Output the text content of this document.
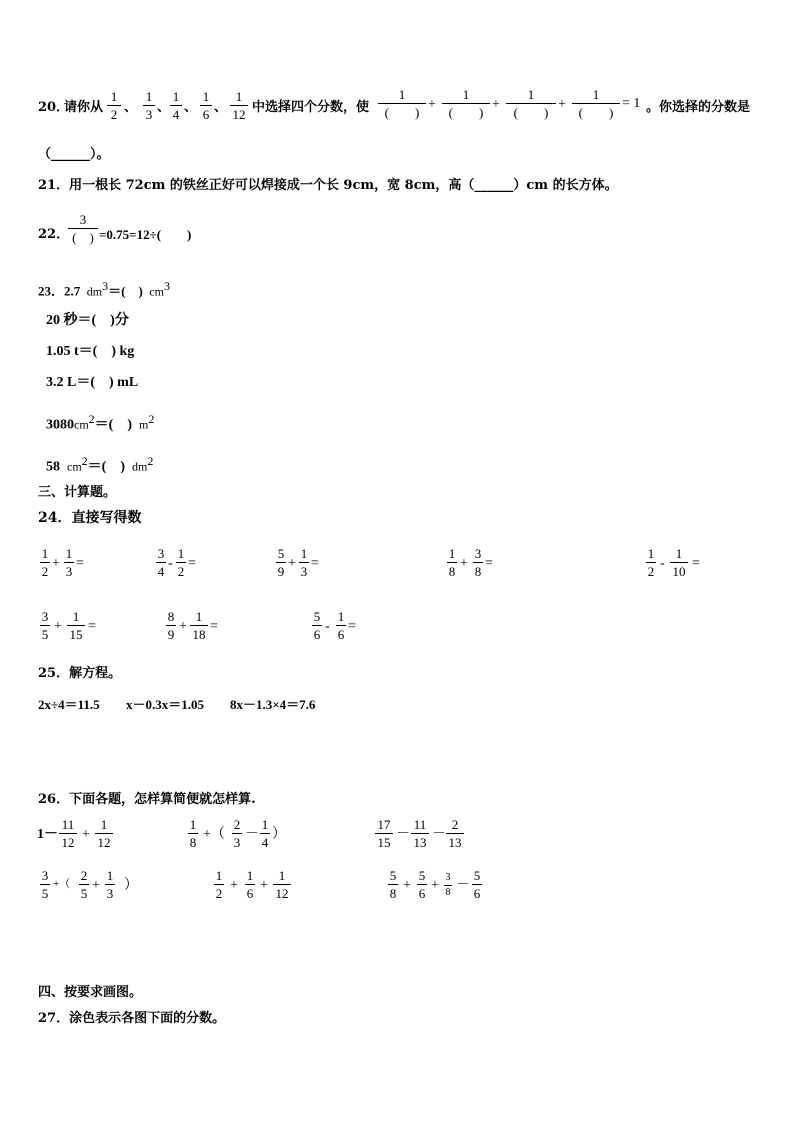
20．
请你从
1
2 、
1
3 、
1
4 、
1
6 、
1
12 中选择四个分数，使
1
(　　)
+
1
(　　)
+
1
(　　)
+
1
(　　)
= 1 。你选择的分数是
（______）。
21．用一根长 72cm 的铁丝正好可以焊接成一个长 9cm，宽 8cm，高（______）cm 的长方体。
22．
3
(　) =0.75=12÷(　　)
23．2.7 $dm^3=$(　) $cm^3$
20 秒＝(　)分
1.05 t＝(　) kg
3.2 L＝(　) mL
$3080cm^2=$(　) $m^2$
58 $cm^2=$(　) $dm^2$
三、计算题。
24．直接写得数
1
2
+
1
3
=
3
4
-
1
2
=
5
9
+
1
3
=
1
8
+
3
8
=
1
2
-
1
10
=
3
5
+
1
15
=
8
9
+
1
18
=
5
6
-
1
6
=
25．解方程。
2x÷4＝11.5 x－0.3x＝1.05 8x－1.3×4＝7.6
26．下面各题，怎样算简便就怎样算.
1－
11
12
+
1
12
1
8
+（
2
3
－
1
4
）
17
15
－
11
13
－
2
13
3
5
+（
2
5
+
1
3
）
1
2
+
1
6
+
1
12
5
8
+
5
6
+
3
8 －
5
6
四、按要求画图。
27．涂色表示各图下面的分数。
